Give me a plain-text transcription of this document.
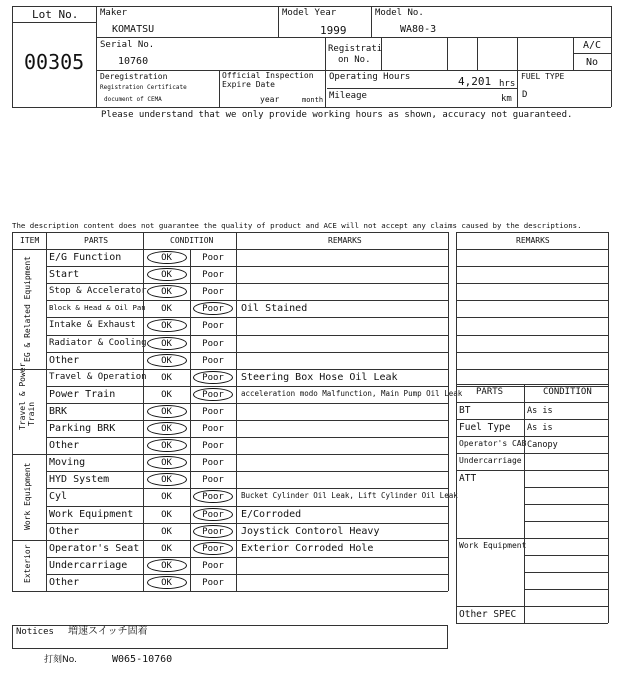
Lot No.
00305
Maker
KOMATSU
Model Year
1999
Model No.
WA80-3
Serial No.
10760
Registrati
on No.
A/C
No
Deregistration
Registration Certificate
document of CEMA
Official Inspection
Expire Date
year	month
Operating Hours	4,201 hrs
Mileage	km
FUEL TYPE
D
Please understand that we only provide working hours as shown, accuracy not guaranteed.
The description content does not guarantee the quality of product and ACE will not accept any claims caused by the descriptions.
ITEM	PARTS	CONDITION	REMARKS
EG & Related Equipment
Travel & Power Train
Work Equipment
Exterior
E/G Function	OK	Poor
Start	OK	Poor
Stop & Accelerator	OK	Poor
Block & Head & Oil Pan	OK	Poor	Oil Stained
Intake & Exhaust	OK	Poor
Radiator & Cooling	OK	Poor
Other	OK	Poor
Travel & Operation	OK	Poor	Steering Box Hose Oil Leak
Power Train	OK	Poor	acceleration modo Malfunction, Main Pump Oil Leak
BRK	OK	Poor
Parking BRK	OK	Poor
Other	OK	Poor
Moving	OK	Poor
HYD System	OK	Poor
Cyl	OK	Poor	Bucket Cylinder Oil Leak, Lift Cylinder Oil Leak
Work Equipment	OK	Poor	E/Corroded
Other	OK	Poor	Joystick Contorol Heavy
Operator's Seat	OK	Poor	Exterior Corroded Hole
Undercarriage	OK	Poor
Other	OK	Poor
REMARKS
PARTS	CONDITION
BT	As is
Fuel Type As is
Operator's CAB Canopy
Undercarriage
ATT
Work Equipment
Other SPEC
Notices 増速スイッチ固着
打刻No.	W065-10760
